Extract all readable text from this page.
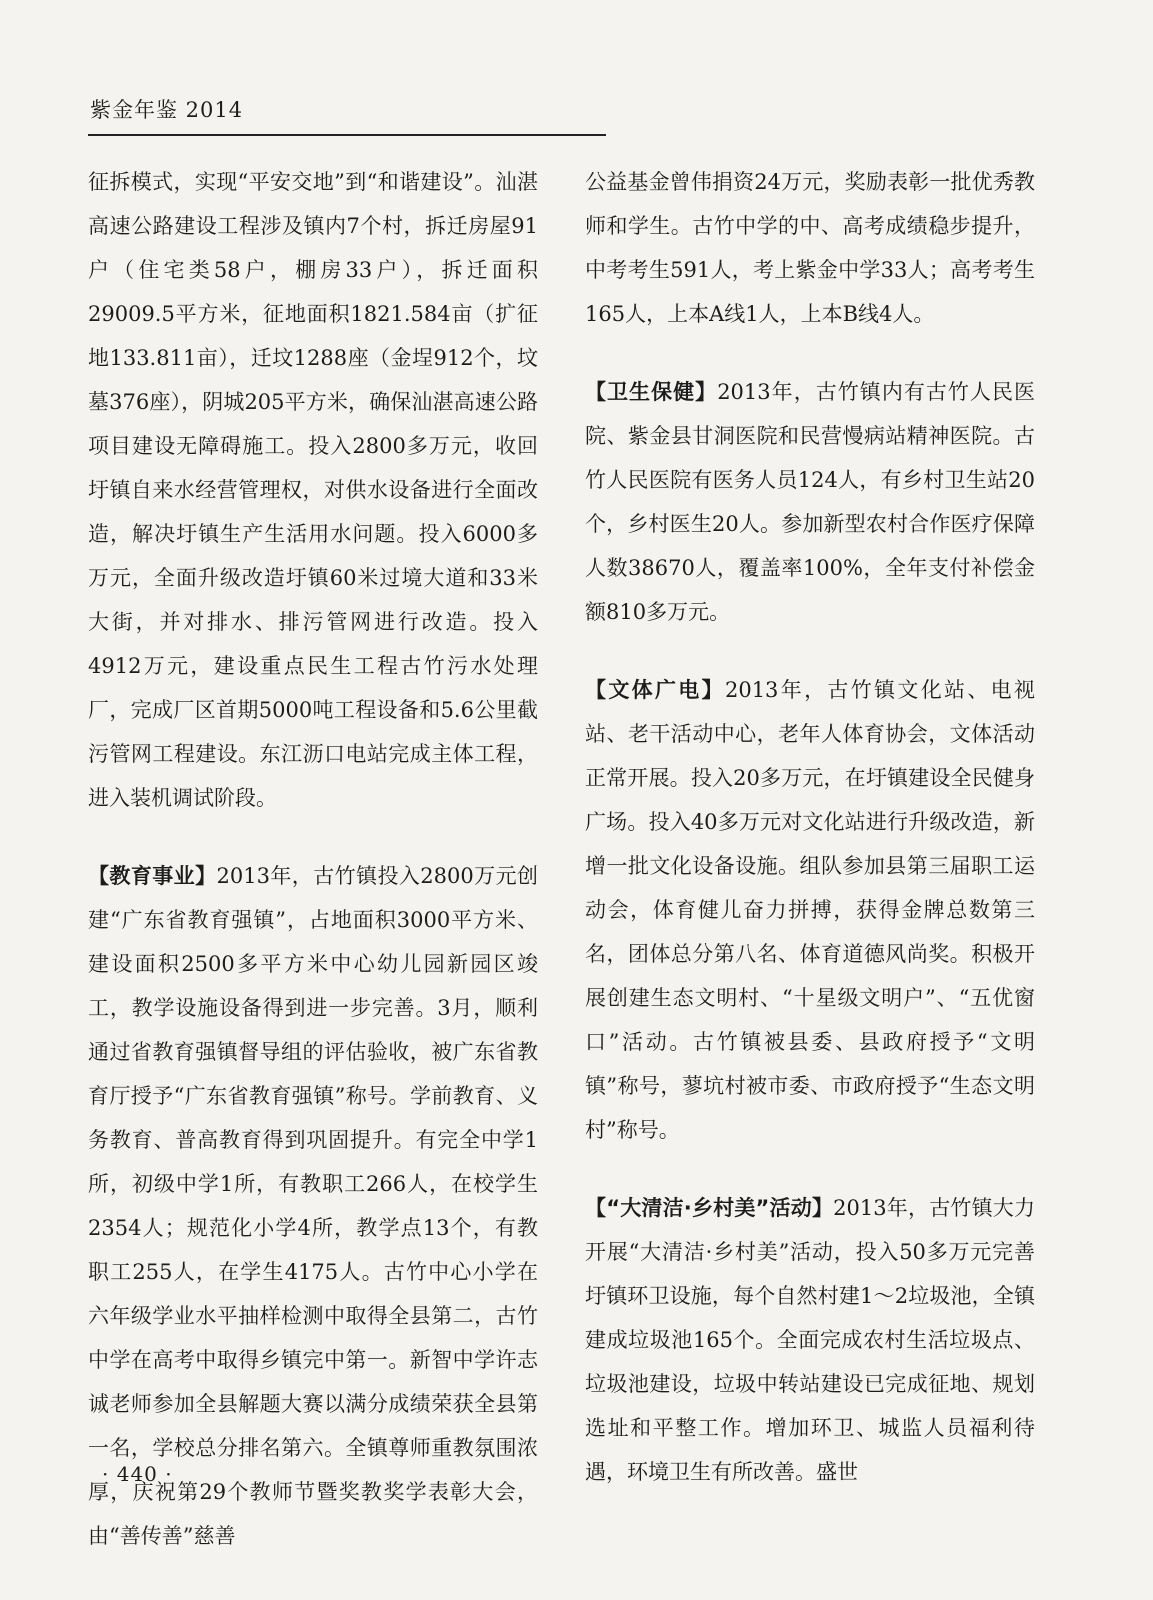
紫金年鉴 2014

征拆模式，实现“平安交地”到“和谐建设”。汕湛高速公路建设工程涉及镇内7个村，拆迁房屋91户（住宅类58户，棚房33户），拆迁面积29009.5平方米，征地面积1821.584亩（扩征地133.811亩），迁坟1288座（金埕912个，坟墓376座），阴城205平方米，确保汕湛高速公路项目建设无障碍施工。投入2800多万元，收回圩镇自来水经营管理权，对供水设备进行全面改造，解决圩镇生产生活用水问题。投入6000多万元，全面升级改造圩镇60米过境大道和33米大街，并对排水、排污管网进行改造。投入4912万元，建设重点民生工程古竹污水处理厂，完成厂区首期5000吨工程设备和5.6公里截污管网工程建设。东江沥口电站完成主体工程，进入装机调试阶段。

【教育事业】2013年，古竹镇投入2800万元创建“广东省教育强镇”，占地面积3000平方米、建设面积2500多平方米中心幼儿园新园区竣工，教学设施设备得到进一步完善。3月，顺利通过省教育强镇督导组的评估验收，被广东省教育厅授予“广东省教育强镇”称号。学前教育、义务教育、普高教育得到巩固提升。有完全中学1所，初级中学1所，有教职工266人，在校学生2354人；规范化小学4所，教学点13个，有教职工255人，在学生4175人。古竹中心小学在六年级学业水平抽样检测中取得全县第二，古竹中学在高考中取得乡镇完中第一。新智中学许志诚老师参加全县解题大赛以满分成绩荣获全县第一名，学校总分排名第六。全镇尊师重教氛围浓厚，庆祝第29个教师节暨奖教奖学表彰大会，由“善传善”慈善

公益基金曾伟捐资24万元，奖励表彰一批优秀教师和学生。古竹中学的中、高考成绩稳步提升，中考考生591人，考上紫金中学33人；高考考生165人，上本A线1人，上本B线4人。

【卫生保健】2013年，古竹镇内有古竹人民医院、紫金县甘洞医院和民营慢病站精神医院。古竹人民医院有医务人员124人，有乡村卫生站20个，乡村医生20人。参加新型农村合作医疗保障人数38670人，覆盖率100%，全年支付补偿金额810多万元。

【文体广电】2013年，古竹镇文化站、电视站、老干活动中心，老年人体育协会，文体活动正常开展。投入20多万元，在圩镇建设全民健身广场。投入40多万元对文化站进行升级改造，新增一批文化设备设施。组队参加县第三届职工运动会，体育健儿奋力拼搏，获得金牌总数第三名，团体总分第八名、体育道德风尚奖。积极开展创建生态文明村、“十星级文明户”、“五优窗口”活动。古竹镇被县委、县政府授予“文明镇”称号，蓼坑村被市委、市政府授予“生态文明村”称号。

【“大清洁·乡村美”活动】2013年，古竹镇大力开展“大清洁·乡村美”活动，投入50多万元完善圩镇环卫设施，每个自然村建1～2垃圾池，全镇建成垃圾池165个。全面完成农村生活垃圾点、垃圾池建设，垃圾中转站建设已完成征地、规划选址和平整工作。增加环卫、城监人员福利待遇，环境卫生有所改善。盛世

· 440 ·
